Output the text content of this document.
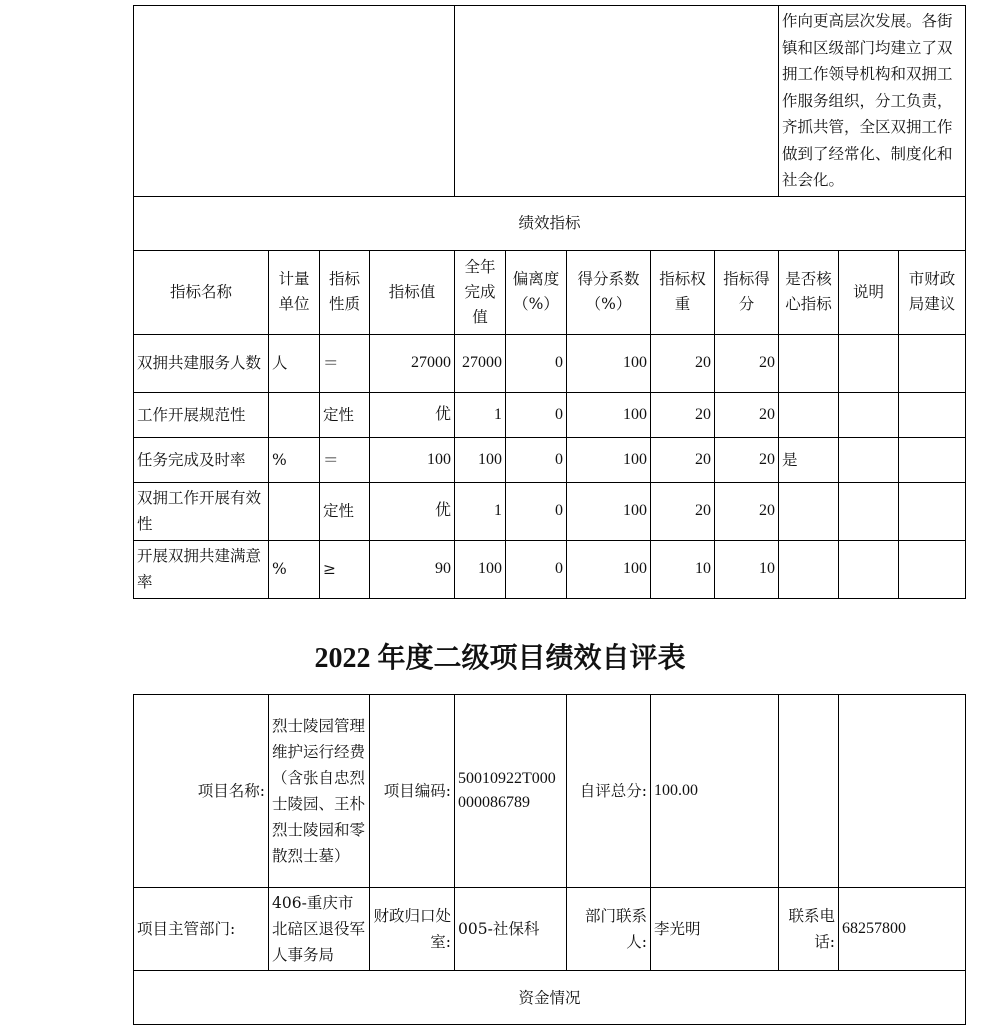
									作向更高层次发展。各街镇和区级部门均建立了双拥工作领导机构和双拥工作服务组织，分工负责，齐抓共管，全区双拥工作做到了经常化、制度化和社会化。		
绩效指标											
指标名称	计量单位	指标性质	指标值	全年完成值	偏离度（%）	得分系数（%）	指标权重	指标得分	是否核心指标	说明	市财政局建议
双拥共建服务人数	人	＝	27000	27000	0	100	20	20			
工作开展规范性		定性	优	1	0	100	20	20			
任务完成及时率	%	＝	100	100	0	100	20	20	是		
双拥工作开展有效性		定性	优	1	0	100	20	20			
开展双拥共建满意率	%	≥	90	100	0	100	10	10			
2022 年度二级项目绩效自评表
项目名称:	烈士陵园管理维护运行经费（含张自忠烈士陵园、王朴烈士陵园和零散烈士墓）	项目编码:	50010922T000000086789	自评总分:	100.00		
项目主管部门:	406-重庆市北碚区退役军人事务局	财政归口处室:	005-社保科	部门联系人:	李光明	联系电话:	68257800
资金情况							
